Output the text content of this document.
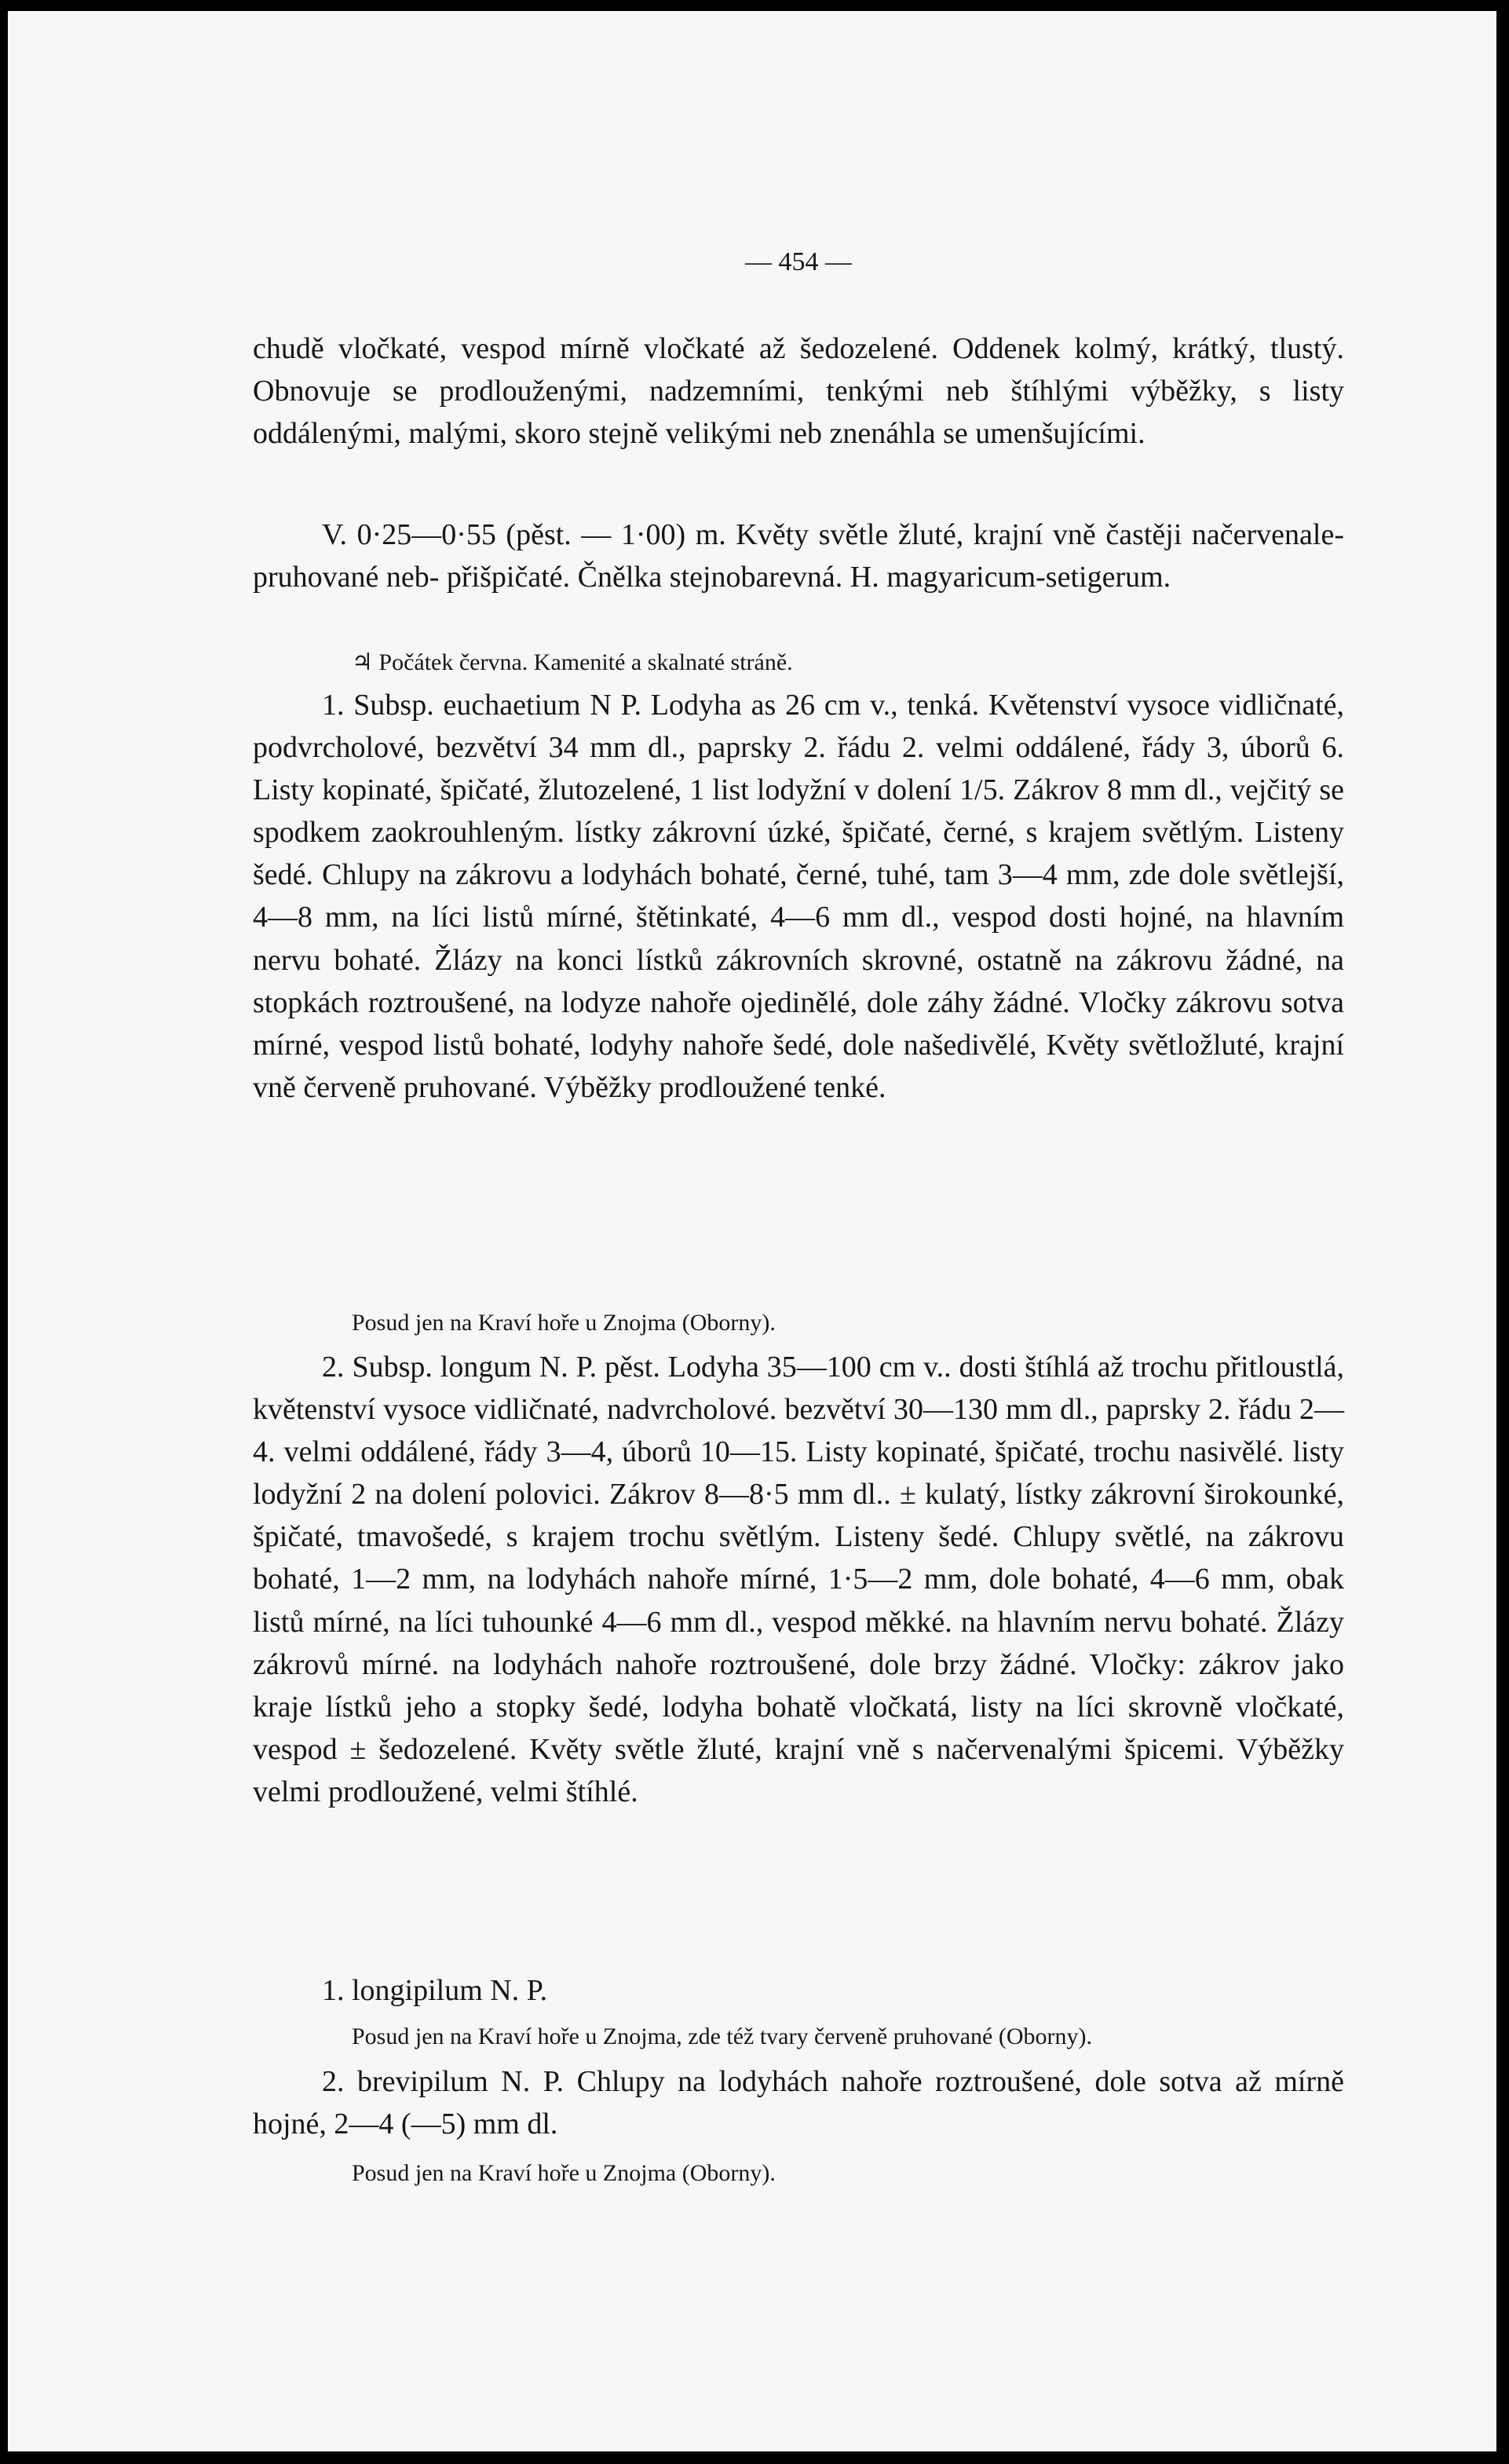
— 454 —

chudě vločkaté, vespod mírně vločkaté až šedozelené. Oddenek kolmý, krátký, tlustý. Obnovuje se prodlouženými, nadzemními, tenkými neb štíhlými výběžky, s listy oddálenými, malými, skoro stejně velikými neb znenáhla se umenšujícími.

V. 0·25—0·55 (pěst. — 1·00) m. Květy světle žluté, krajní vně častěji načervenale-pruhované neb- přišpičaté. Čnělka stejnobarevná. H. magyaricum-setigerum.

♃ Počátek června. Kamenité a skalnaté stráně.

1. Subsp. euchaetium N P. Lodyha as 26 cm v., tenká. Květenství vysoce vidličnaté, podvrcholové, bezvětví 34 mm dl., paprsky 2. řádu 2. velmi oddálené, řády 3, úborů 6. Listy kopinaté, špičaté, žlutozelené, 1 list lodyžní v dolení 1/5. Zákrov 8 mm dl., vejčitý se spodkem zaokrouhleným. lístky zákrovní úzké, špičaté, černé, s krajem světlým. Listeny šedé. Chlupy na zákrovu a lodyhách bohaté, černé, tuhé, tam 3—4 mm, zde dole světlejší, 4—8 mm, na líci listů mírné, štětinkaté, 4—6 mm dl., vespod dosti hojné, na hlavním nervu bohaté. Žlázy na konci lístků zákrovních skrovné, ostatně na zákrovu žádné, na stopkách roztroušené, na lodyze nahoře ojedinělé, dole záhy žádné. Vločky zákrovu sotva mírné, vespod listů bohaté, lodyhy nahoře šedé, dole našedivělé, Květy světložluté, krajní vně červeně pruhované. Výběžky prodloužené tenké.

Posud jen na Kraví hoře u Znojma (Oborny).

2. Subsp. longum N. P. pěst. Lodyha 35—100 cm v.. dosti štíhlá až trochu přitloustlá, květenství vysoce vidličnaté, nadvrcholové. bezvětví 30—130 mm dl., paprsky 2. řádu 2—4. velmi oddálené, řády 3—4, úborů 10—15. Listy kopinaté, špičaté, trochu nasivělé. listy lodyžní 2 na dolení polovici. Zákrov 8—8·5 mm dl.. ± kulatý, lístky zákrovní širokounké, špičaté, tmavošedé, s krajem trochu světlým. Listeny šedé. Chlupy světlé, na zákrovu bohaté, 1—2 mm, na lodyhách nahoře mírné, 1·5—2 mm, dole bohaté, 4—6 mm, obak listů mírné, na líci tuhounké 4—6 mm dl., vespod měkké. na hlavním nervu bohaté. Žlázy zákrovů mírné. na lodyhách nahoře roztroušené, dole brzy žádné. Vločky: zákrov jako kraje lístků jeho a stopky šedé, lodyha bohatě vločkatá, listy na líci skrovně vločkaté, vespod ± šedozelené. Květy světle žluté, krajní vně s načervenalými špicemi. Výběžky velmi prodloužené, velmi štíhlé.

1. longipilum N. P.

Posud jen na Kraví hoře u Znojma, zde též tvary červeně pruhované (Oborny).

2. brevipilum N. P. Chlupy na lodyhách nahoře roztroušené, dole sotva až mírně hojné, 2—4 (—5) mm dl.

Posud jen na Kraví hoře u Znojma (Oborny).
